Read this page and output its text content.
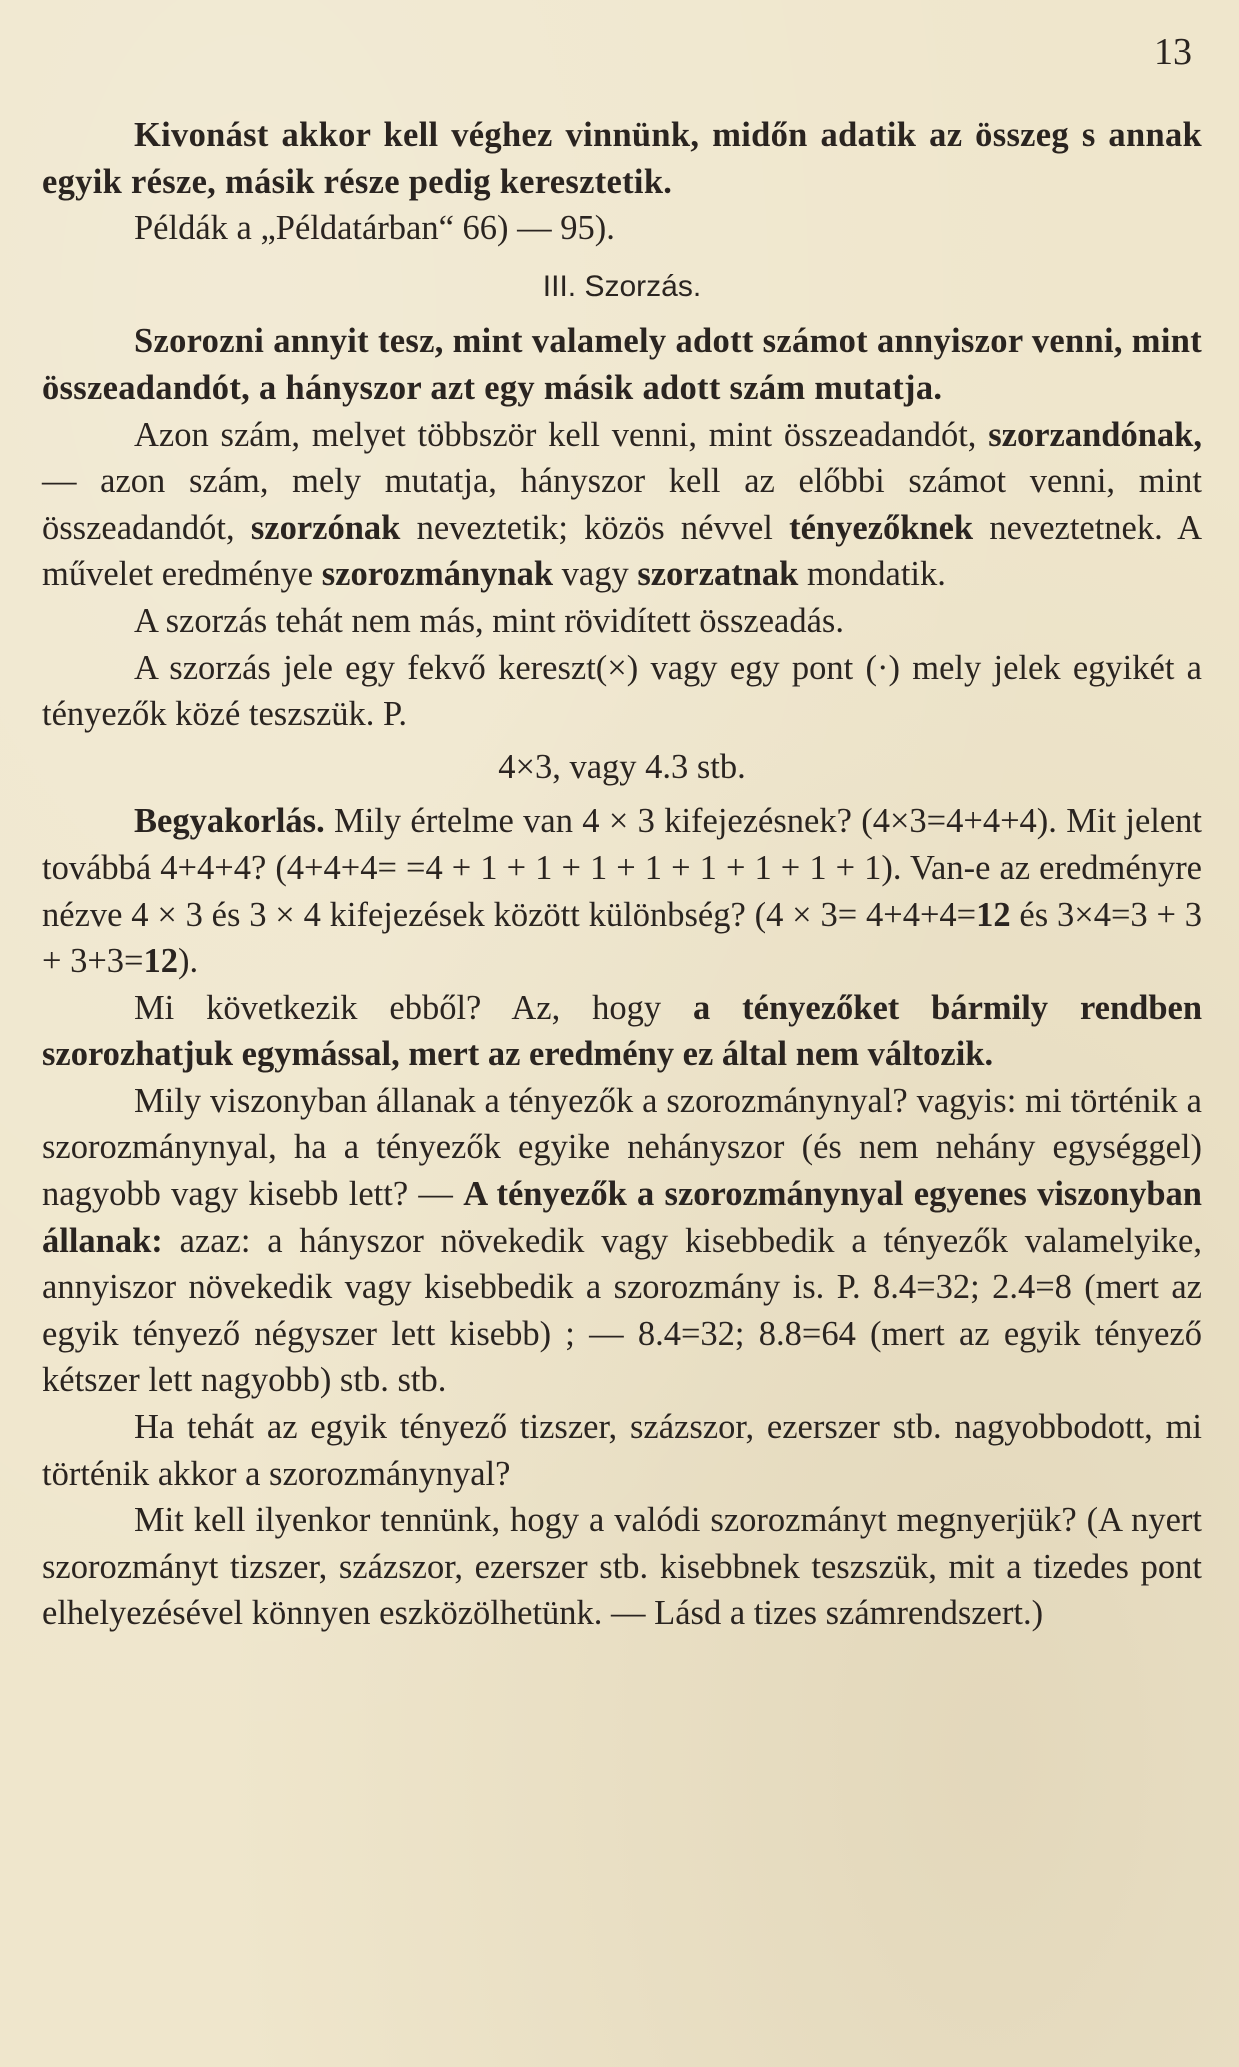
13

Kivonást akkor kell véghez vinnünk, midőn adatik az összeg s annak egyik része, másik része pedig keresztetik.

Példák a „Példatárban“ 66) — 95).

III. Szorzás.

Szorozni annyit tesz, mint valamely adott számot annyiszor venni, mint összeadandót, a hányszor azt egy másik adott szám mutatja.

Azon szám, melyet többször kell venni, mint összeadandót, szorzandónak, — azon szám, mely mutatja, hányszor kell az előbbi számot venni, mint összeadandót, szorzónak neveztetik; közös névvel tényezőknek neveztetnek. A művelet eredménye szorozmánynak vagy szorzatnak mondatik.

A szorzás tehát nem más, mint rövidített összeadás.

A szorzás jele egy fekvő kereszt(×) vagy egy pont (·) mely jelek egyikét a tényezők közé teszszük. P.

4×3, vagy 4.3 stb.

Begyakorlás. Mily értelme van 4 × 3 kifejezésnek? (4×3=4+4+4). Mit jelent továbbá 4+4+4? (4+4+4= =4 + 1 + 1 + 1 + 1 + 1 + 1 + 1 + 1). Van-e az eredményre nézve 4 × 3 és 3 × 4 kifejezések között különbség? (4 × 3= 4+4+4=12 és 3×4=3 + 3 + 3+3=12).

Mi következik ebből? Az, hogy a tényezőket bármily rendben szorozhatjuk egymással, mert az eredmény ez által nem változik.

Mily viszonyban állanak a tényezők a szorozmánynyal? vagyis: mi történik a szorozmánynyal, ha a tényezők egyike nehányszor (és nem nehány egységgel) nagyobb vagy kisebb lett? — A tényezők a szorozmánynyal egyenes viszonyban állanak: azaz: a hányszor növekedik vagy kisebbedik a tényezők valamelyike, annyiszor növekedik vagy kisebbedik a szorozmány is. P. 8.4=32; 2.4=8 (mert az egyik tényező négyszer lett kisebb) ; — 8.4=32; 8.8=64 (mert az egyik tényező kétszer lett nagyobb) stb. stb.

Ha tehát az egyik tényező tizszer, százszor, ezerszer stb. nagyobbodott, mi történik akkor a szorozmánynyal?

Mit kell ilyenkor tennünk, hogy a valódi szorozmányt megnyerjük? (A nyert szorozmányt tizszer, százszor, ezerszer stb. kisebbnek teszszük, mit a tizedes pont elhelyezésével könnyen eszközölhetünk. — Lásd a tizes számrendszert.)
